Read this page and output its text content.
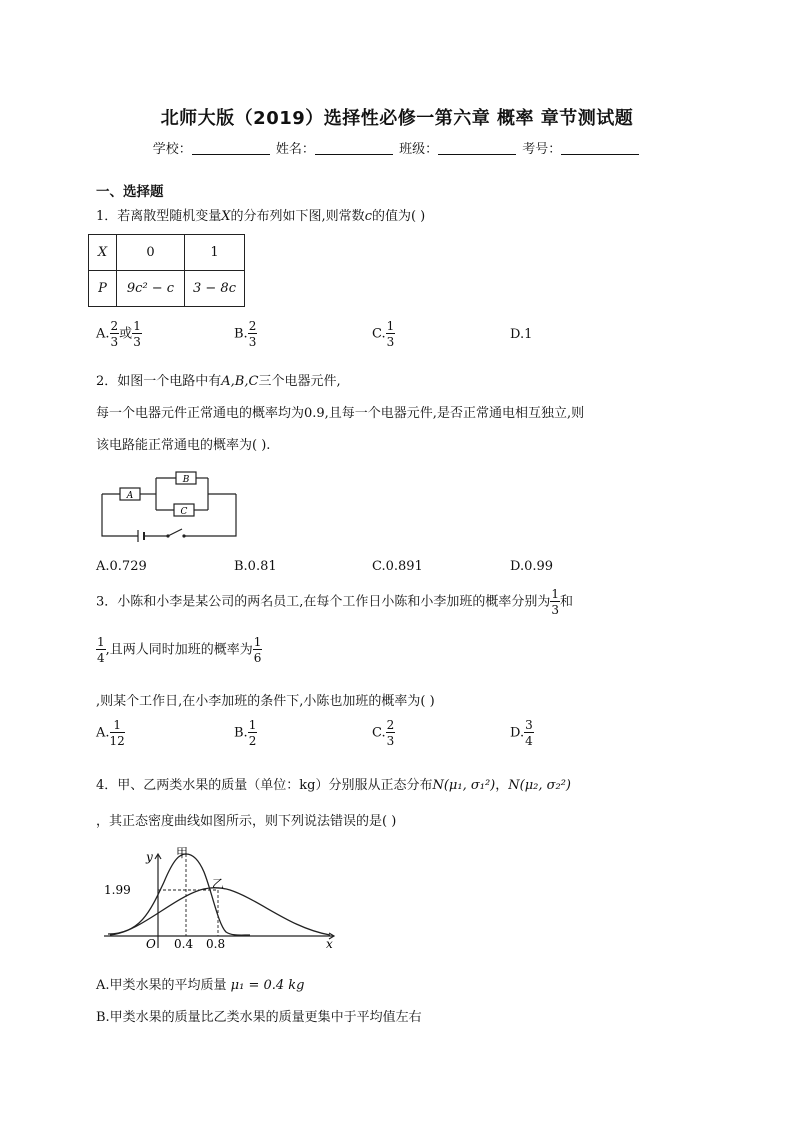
北师大版（2019）选择性必修一第六章 概率 章节测试题
学校：	姓名：	班级：	考号：
一、选择题
1．若离散型随机变量X的分布列如下图,则常数c的值为( )
X	0	1
P	9c² − c	3 − 8c
A. $\frac{2}{3}$ 或 $\frac{1}{3}$	B. $\frac{2}{3}$	C. $\frac{1}{3}$	D.1
2．如图一个电路中有A,B,C三个电器元件,
每一个电器元件正常通电的概率均为0.9,且每一个电器元件,是否正常通电相互独立,则
该电路能正常通电的概率为( ).
A
B
C
A.0.729	B.0.81	C.0.891	D.0.99
3．小陈和小李是某公司的两名员工,在每个工作日小陈和小李加班的概率分别为 $\frac{1}{3}$ 和
$\frac{1}{4}$ ,且两人同时加班的概率为 $\frac{1}{6}$
,则某个工作日,在小李加班的条件下,小陈也加班的概率为( )
A. $\frac{1}{12}$	B. $\frac{1}{2}$	C. $\frac{2}{3}$	D. $\frac{3}{4}$
4．甲、乙两类水果的质量（单位：kg）分别服从正态分布N(μ₁, σ₁²)，N(μ₂, σ₂²)
，其正态密度曲线如图所示，则下列说法错误的是( )
y
x
O
甲
乙
1.99
0.4 0.8
A.甲类水果的平均质量 μ₁ = 0.4 kg
B.甲类水果的质量比乙类水果的质量更集中于平均值左右
